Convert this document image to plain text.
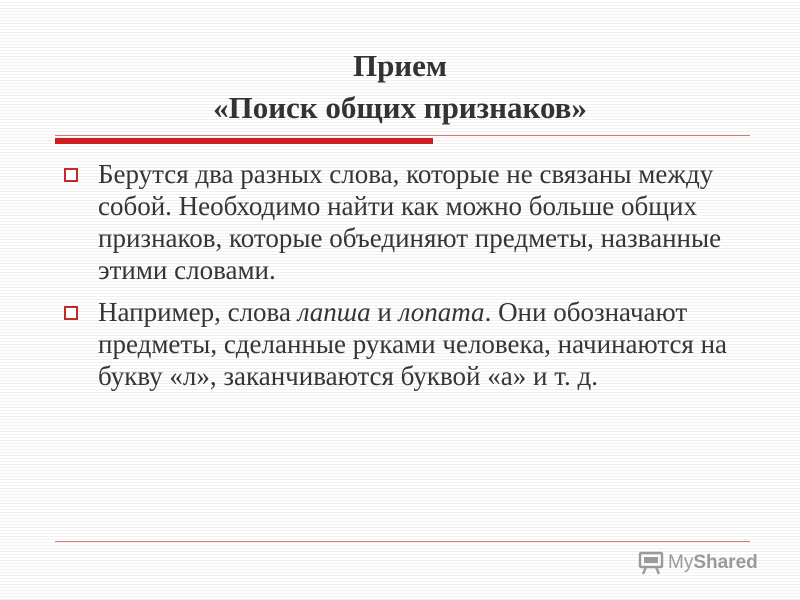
Прием
«Поиск общих признаков»
Берутся два разных слова, которые не связаны между собой. Необходимо найти как можно больше общих признаков, которые объединяют предметы, названные этими словами.
Например, слова лапша и лопата. Они обозначают предметы, сделанные руками человека, начинаются на букву «л», заканчиваются буквой «а» и т. д.
My Shared
